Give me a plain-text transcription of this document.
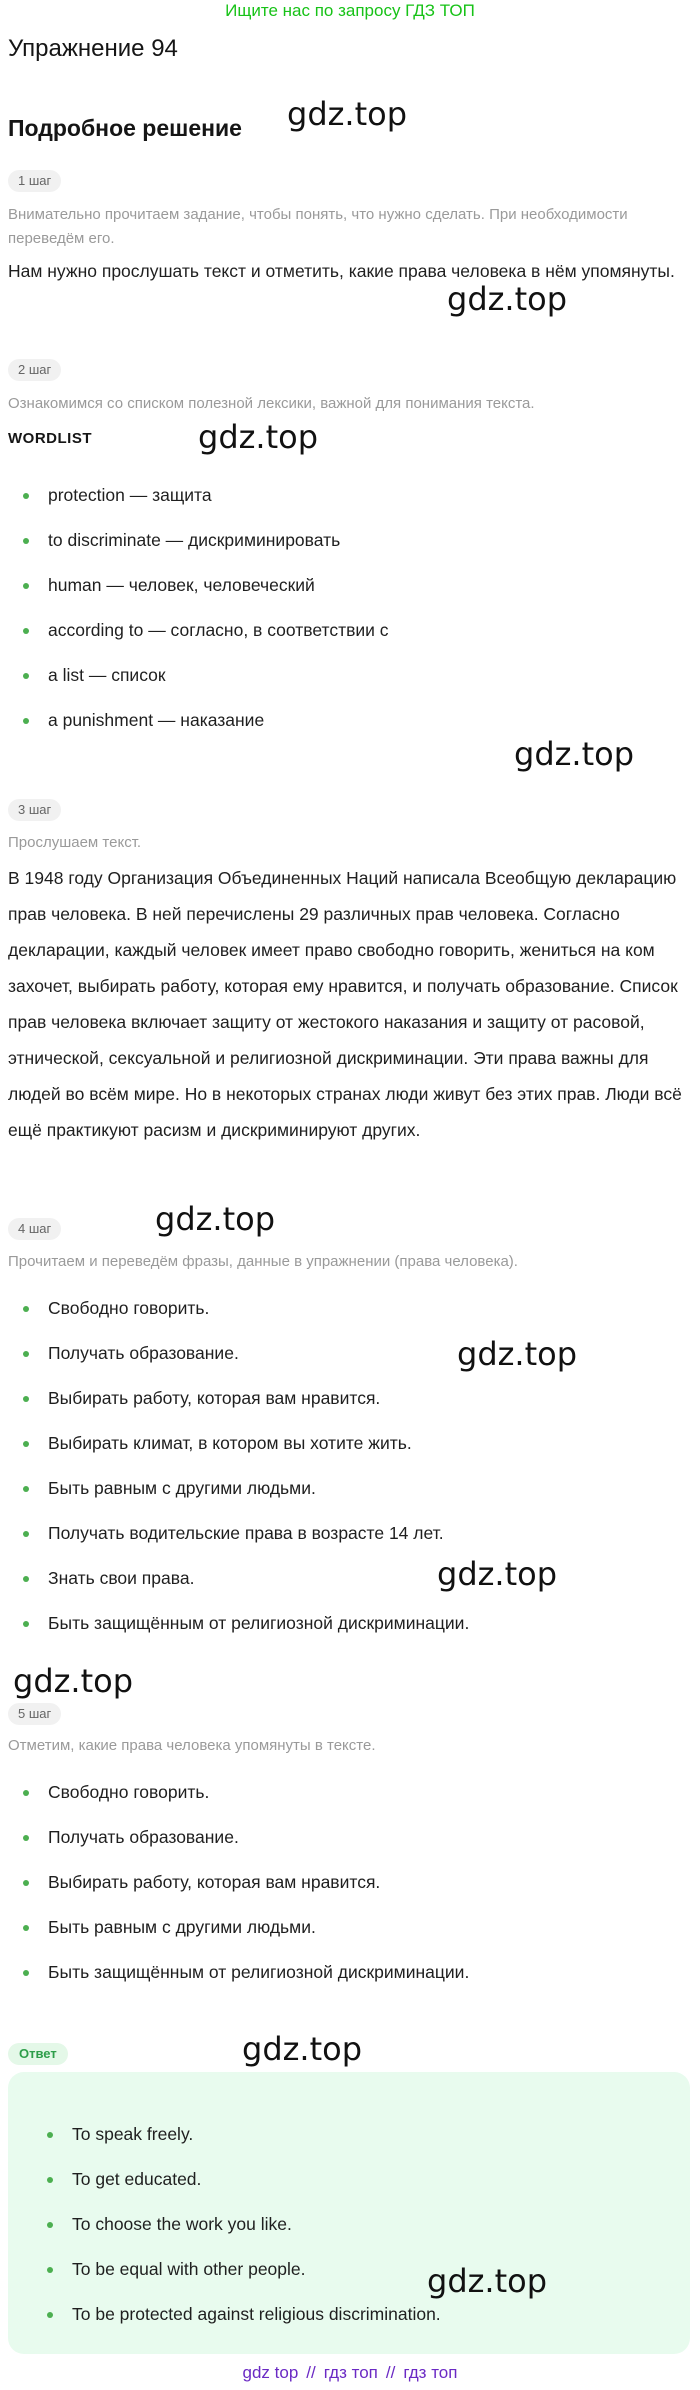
Ищите нас по запросу ГДЗ ТОП
Упражнение 94
Подробное решение
1 шаг
Внимательно прочитаем задание, чтобы понять, что нужно сделать. При необходимости переведём его.
Нам нужно прослушать текст и отметить, какие права человека в нём упомянуты.
2 шаг
Ознакомимся со списком полезной лексики, важной для понимания текста.
WORDLIST
protection — защита
to discriminate — дискриминировать
human — человек, человеческий
according to — согласно, в соответствии с
a list — список
a punishment — наказание
3 шаг
Прослушаем текст.
В 1948 году Организация Объединенных Наций написала Всеобщую декларацию прав человека. В ней перечислены 29 различных прав человека. Согласно декларации, каждый человек имеет право свободно говорить, жениться на ком захочет, выбирать работу, которая ему нравится, и получать образование. Список прав человека включает защиту от жестокого наказания и защиту от расовой, этнической, сексуальной и религиозной дискриминации. Эти права важны для людей во всём мире. Но в некоторых странах люди живут без этих прав. Люди всё ещё практикуют расизм и дискриминируют других.
4 шаг
Прочитаем и переведём фразы, данные в упражнении (права человека).
Свободно говорить.
Получать образование.
Выбирать работу, которая вам нравится.
Выбирать климат, в котором вы хотите жить.
Быть равным с другими людьми.
Получать водительские права в возрасте 14 лет.
Знать свои права.
Быть защищённым от религиозной дискриминации.
5 шаг
Отметим, какие права человека упомянуты в тексте.
Свободно говорить.
Получать образование.
Выбирать работу, которая вам нравится.
Быть равным с другими людьми.
Быть защищённым от религиозной дискриминации.
Ответ
To speak freely.
To get educated.
To choose the work you like.
To be equal with other people.
To be protected against religious discrimination.
gdz.top
gdz.top
gdz.top
gdz.top
gdz.top
gdz.top
gdz.top
gdz.top
gdz.top
gdz.top
gdz top // гдз топ // гдз топ
